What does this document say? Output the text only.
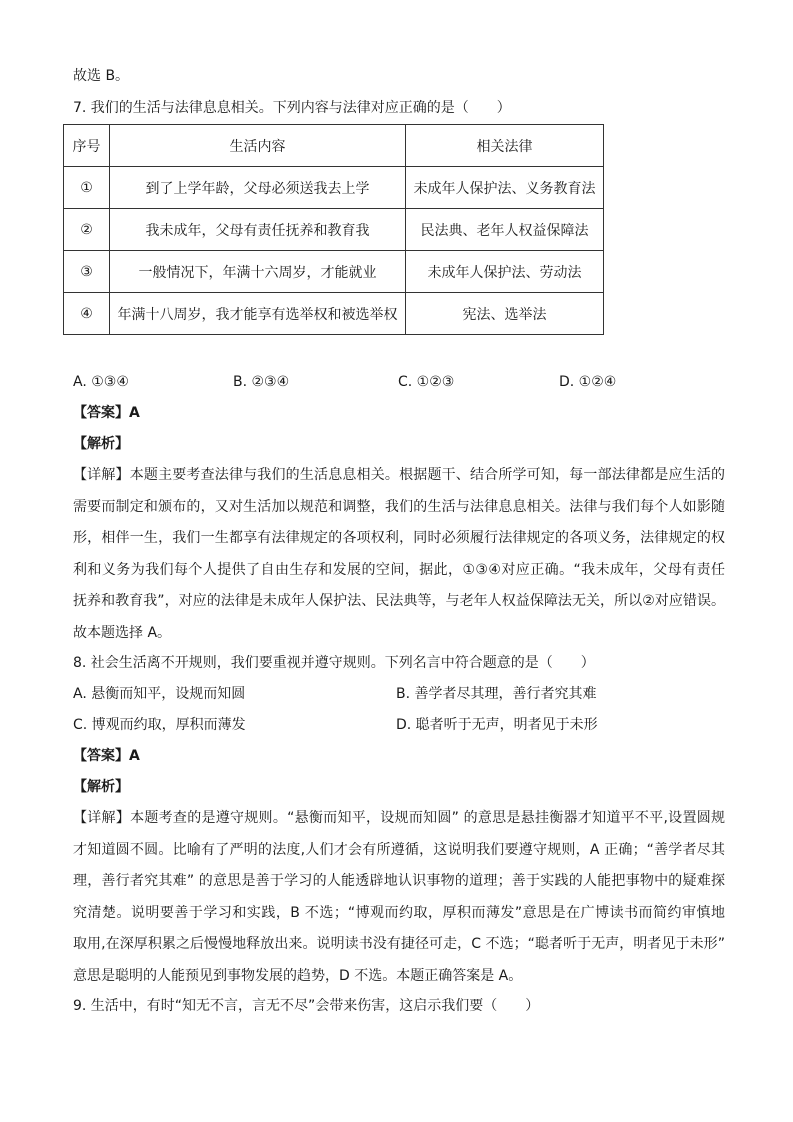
故选 B。
7. 我们的生活与法律息息相关。下列内容与法律对应正确的是（　　）
序号	生活内容	相关法律
①	到了上学年龄，父母必须送我去上学	未成年人保护法、义务教育法
②	我未成年，父母有责任抚养和教育我	民法典、老年人权益保障法
③	一般情况下，年满十六周岁，才能就业	未成年人保护法、劳动法
④	年满十八周岁，我才能享有选举权和被选举权	宪法、选举法
A. ①③④	B. ②③④	C. ①②③	D. ①②④
【答案】A
【解析】
【详解】本题主要考查法律与我们的生活息息相关。根据题干、结合所学可知，每一部法律都是应生活的
需要而制定和颁布的，又对生活加以规范和调整，我们的生活与法律息息相关。法律与我们每个人如影随
形，相伴一生，我们一生都享有法律规定的各项权利，同时必须履行法律规定的各项义务，法律规定的权
利和义务为我们每个人提供了自由生存和发展的空间，据此，①③④对应正确。“我未成年，父母有责任
抚养和教育我”，对应的法律是未成年人保护法、民法典等，与老年人权益保障法无关，所以②对应错误。
故本题选择 A。
8. 社会生活离不开规则，我们要重视并遵守规则。下列名言中符合题意的是（　　）
A. 悬衡而知平，设规而知圆	B. 善学者尽其理，善行者究其难
C. 博观而约取，厚积而薄发	D. 聪者听于无声，明者见于未形
【答案】A
【解析】
【详解】本题考查的是遵守规则。“悬衡而知平，设规而知圆” 的意思是悬挂衡器才知道平不平,设置圆规
才知道圆不圆。比喻有了严明的法度,人们才会有所遵循，这说明我们要遵守规则，A 正确；“善学者尽其
理，善行者究其难” 的意思是善于学习的人能透辟地认识事物的道理；善于实践的人能把事物中的疑难探
究清楚。说明要善于学习和实践，B 不选；“博观而约取，厚积而薄发”意思是在广博读书而简约审慎地
取用,在深厚积累之后慢慢地释放出来。说明读书没有捷径可走，C 不选；“聪者听于无声，明者见于未形”
意思是聪明的人能预见到事物发展的趋势，D 不选。本题正确答案是 A。
9. 生活中，有时“知无不言，言无不尽”会带来伤害，这启示我们要（　　）
